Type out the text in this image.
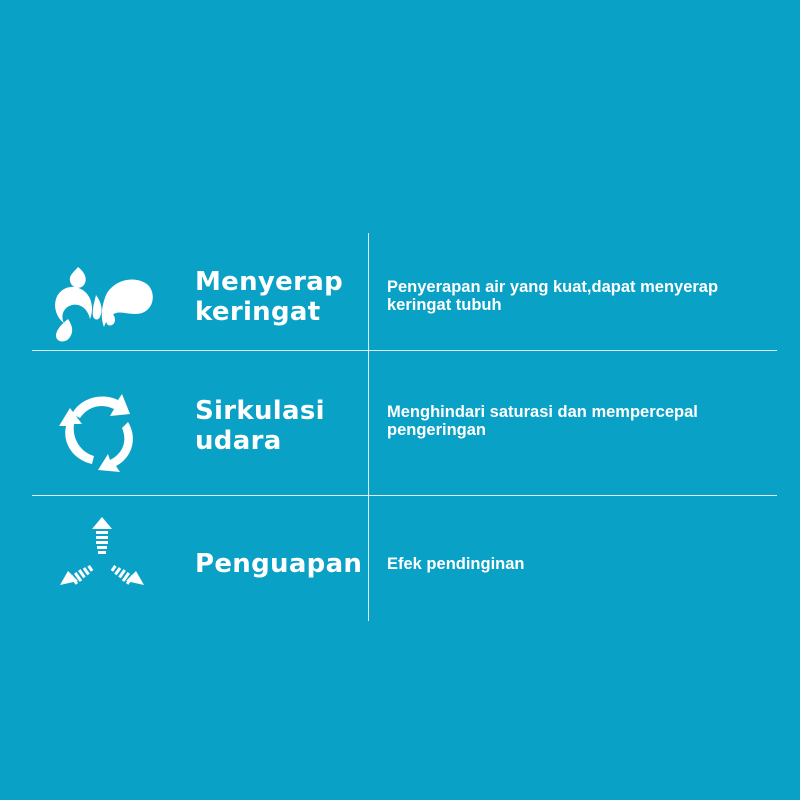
Menyerap
keringat
Penyerapan air yang kuat,dapat menyerap
keringat tubuh
Sirkulasi
udara
Menghindari saturasi dan mempercepal
pengeringan
Penguapan Efek pendinginan
